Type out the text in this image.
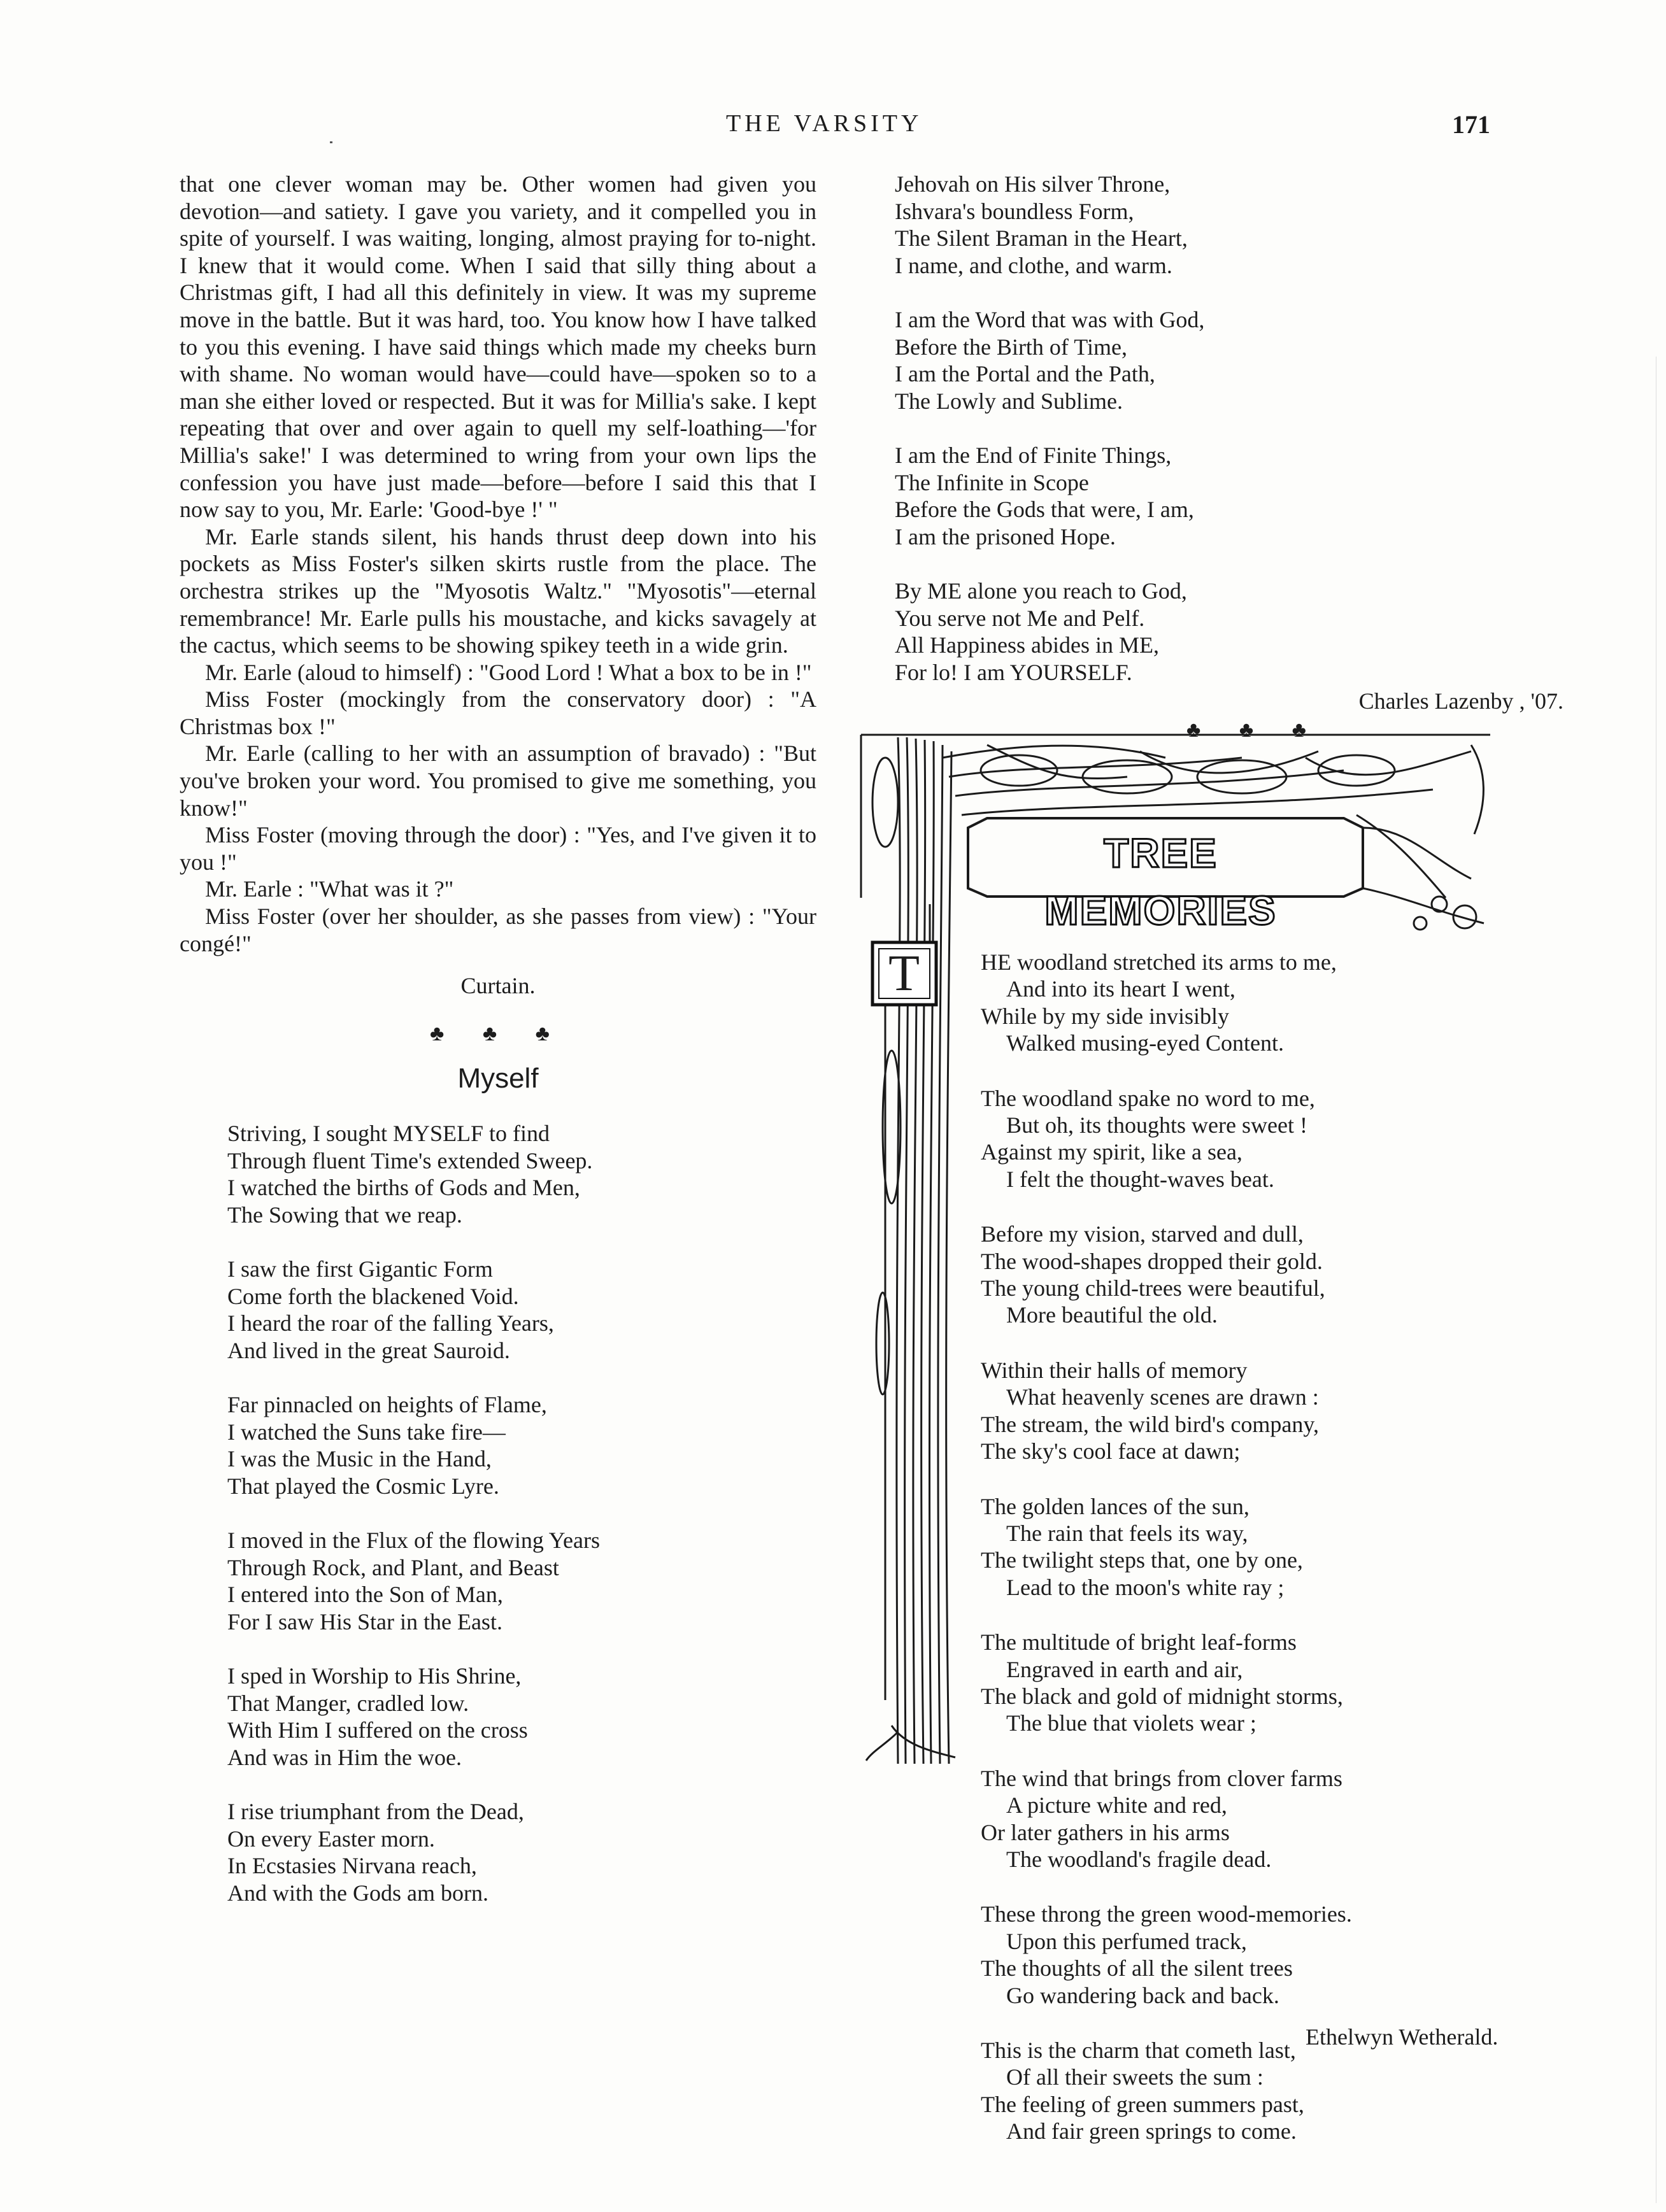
THE VARSITY	171

that one clever woman may be. Other women had given you devotion—and satiety. I gave you variety, and it compelled you in spite of yourself. I was waiting, longing, almost praying for to-night. I knew that it would come. When I said that silly thing about a Christmas gift, I had all this definitely in view. It was my supreme move in the battle. But it was hard, too. You know how I have talked to you this evening. I have said things which made my cheeks burn with shame. No woman would have—could have—spoken so to a man she either loved or respected. But it was for Millia's sake. I kept repeating that over and over again to quell my self-loathing—'for Millia's sake!' I was determined to wring from your own lips the confession you have just made—before—before I said this that I now say to you, Mr. Earle: 'Good-bye !' "

Mr. Earle stands silent, his hands thrust deep down into his pockets as Miss Foster's silken skirts rustle from the place. The orchestra strikes up the "Myosotis Waltz." "Myosotis"—eternal remembrance! Mr. Earle pulls his moustache, and kicks savagely at the cactus, which seems to be showing spikey teeth in a wide grin.

Mr. Earle (aloud to himself) : "Good Lord ! What a box to be in !"

Miss Foster (mockingly from the conservatory door) : "A Christmas box !"

Mr. Earle (calling to her with an assumption of bravado) : "But you've broken your word. You promised to give me something, you know!"

Miss Foster (moving through the door) : "Yes, and I've given it to you !"

Mr. Earle : "What was it ?"

Miss Foster (over her shoulder, as she passes from view) : "Your congé!"

Curtain.
♣ ♣ ♣
Myself
Striving, I sought MYSELF to find
Through fluent Time's extended Sweep.
I watched the births of Gods and Men,
The Sowing that we reap.
I saw the first Gigantic Form
Come forth the blackened Void.
I heard the roar of the falling Years,
And lived in the great Sauroid.
Far pinnacled on heights of Flame,
I watched the Suns take fire—
I was the Music in the Hand,
That played the Cosmic Lyre.
I moved in the Flux of the flowing Years
Through Rock, and Plant, and Beast
I entered into the Son of Man,
For I saw His Star in the East.
I sped in Worship to His Shrine,
That Manger, cradled low.
With Him I suffered on the cross
And was in Him the woe.
I rise triumphant from the Dead,
On every Easter morn.
In Ecstasies Nirvana reach,
And with the Gods am born.
Jehovah on His silver Throne,
Ishvara's boundless Form,
The Silent Braman in the Heart,
I name, and clothe, and warm.
I am the Word that was with God,
Before the Birth of Time,
I am the Portal and the Path,
The Lowly and Sublime.
I am the End of Finite Things,
The Infinite in Scope
Before the Gods that were, I am,
I am the prisoned Hope.
By ME alone you reach to God,
You serve not Me and Pelf.
All Happiness abides in ME,
For lo! I am YOURSELF.
Charles Lazenby , '07.
♣ ♣ ♣
TREE MEMORIES
T	HE woodland stretched its arms to me,
And into its heart I went,
While by my side invisibly
Walked musing-eyed Content.
The woodland spake no word to me,
But oh, its thoughts were sweet !
Against my spirit, like a sea,
I felt the thought-waves beat.
Before my vision, starved and dull,
The wood-shapes dropped their gold.
The young child-trees were beautiful,
More beautiful the old.
Within their halls of memory
What heavenly scenes are drawn :
The stream, the wild bird's company,
The sky's cool face at dawn;
The golden lances of the sun,
The rain that feels its way,
The twilight steps that, one by one,
Lead to the moon's white ray ;
The multitude of bright leaf-forms
Engraved in earth and air,
The black and gold of midnight storms,
The blue that violets wear ;
The wind that brings from clover farms
A picture white and red,
Or later gathers in his arms
The woodland's fragile dead.
These throng the green wood-memories.
Upon this perfumed track,
The thoughts of all the silent trees
Go wandering back and back.
This is the charm that cometh last,
Of all their sweets the sum :
The feeling of green summers past,
And fair green springs to come.
Ethelwyn Wetherald.
